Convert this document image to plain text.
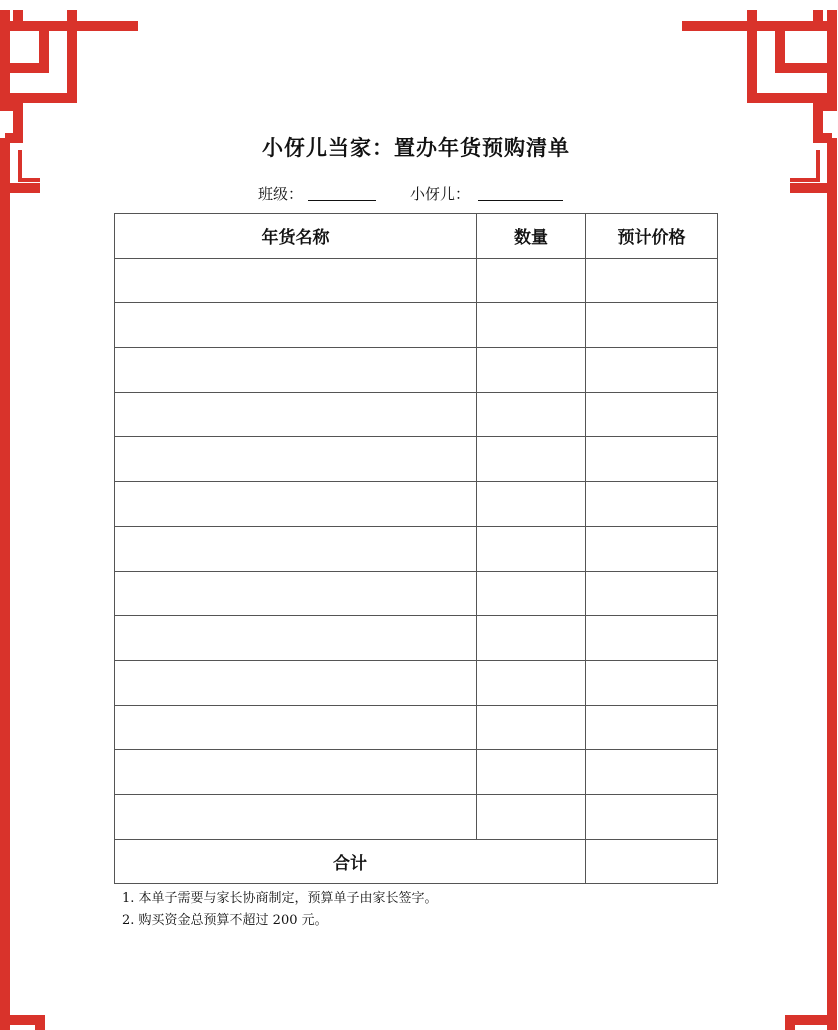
小伢儿当家：置办年货预购清单
班级：	小伢儿：
年货名称	数量	预计价格

合计		
1. 本单子需要与家长协商制定，预算单子由家长签字。
2. 购买资金总预算不超过 200 元。
